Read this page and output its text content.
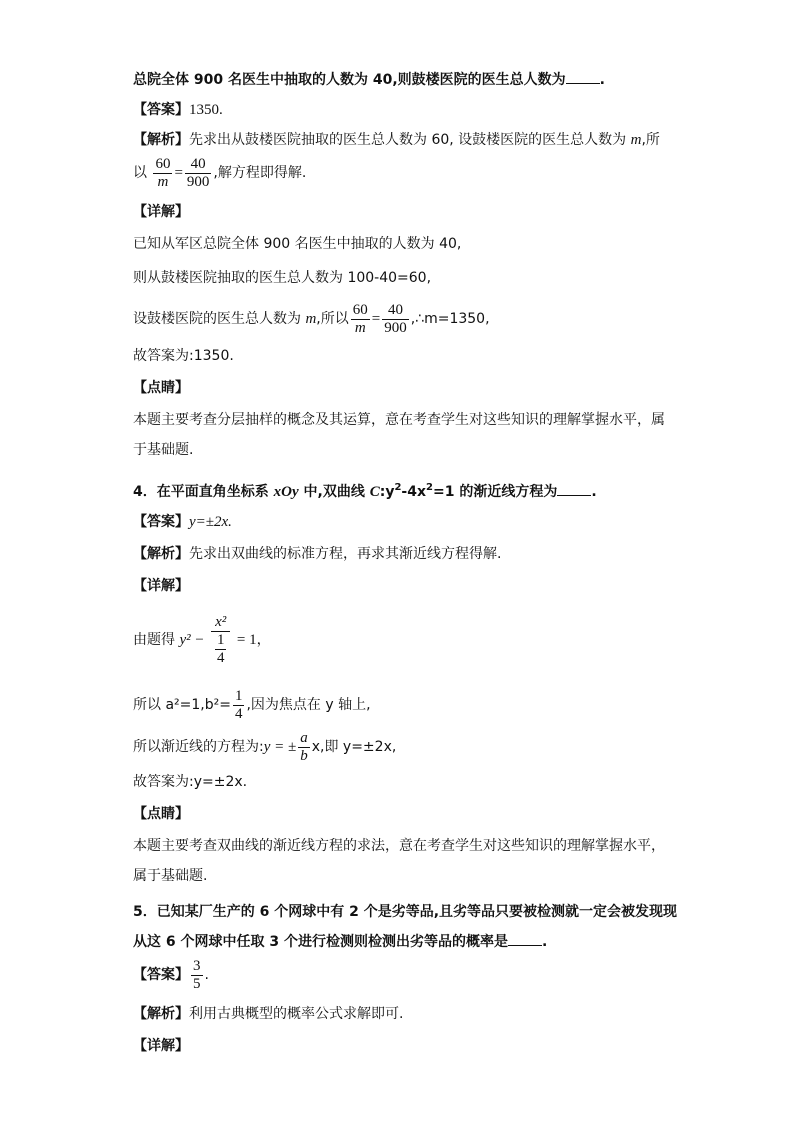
总院全体 900 名医生中抽取的人数为 40,则鼓楼医院的医生总人数为 .
【答案】1350.
【解析】先求出从鼓楼医院抽取的医生总人数为 60, 设鼓楼医院的医生总人数为 m,所
以 $\frac{60}{m} = \frac{40}{900}$ ,解方程即得解.
【详解】
已知从军区总院全体 900 名医生中抽取的人数为 40,
则从鼓楼医院抽取的医生总人数为 100-40=60,
设鼓楼医院的医生总人数为 m,所以 $\frac{60}{m} = \frac{40}{900}$ ,∴m=1350,
故答案为:1350.
【点睛】
本题主要考查分层抽样的概念及其运算，意在考查学生对这些知识的理解掌握水平，属
于基础题.
4．在平面直角坐标系 xOy 中,双曲线 $C:y^2-4x^2=1$ 的渐近线方程为 .
【答案】y=±2x.
【解析】先求出双曲线的标准方程，再求其渐近线方程得解.
【详解】
由题得 $y^2 - \frac{\text{x²}}{\frac{1}{4}} = 1$，
所以 $a^2=1,b^2= \frac{1}{4}$ ,因为焦点在 y 轴上,
所以渐近线的方程为:y = ± $\frac{a}{b} x$,即 y=±2x,
故答案为:y=±2x.
【点睛】
本题主要考查双曲线的渐近线方程的求法，意在考查学生对这些知识的理解掌握水平，
属于基础题.
5．已知某厂生产的 6 个网球中有 2 个是劣等品,且劣等品只要被检测就一定会被发现现
从这 6 个网球中任取 3 个进行检测则检测出劣等品的概率是 .
【答案】 $\frac{3}{5}$ .
【解析】利用古典概型的概率公式求解即可.
【详解】
